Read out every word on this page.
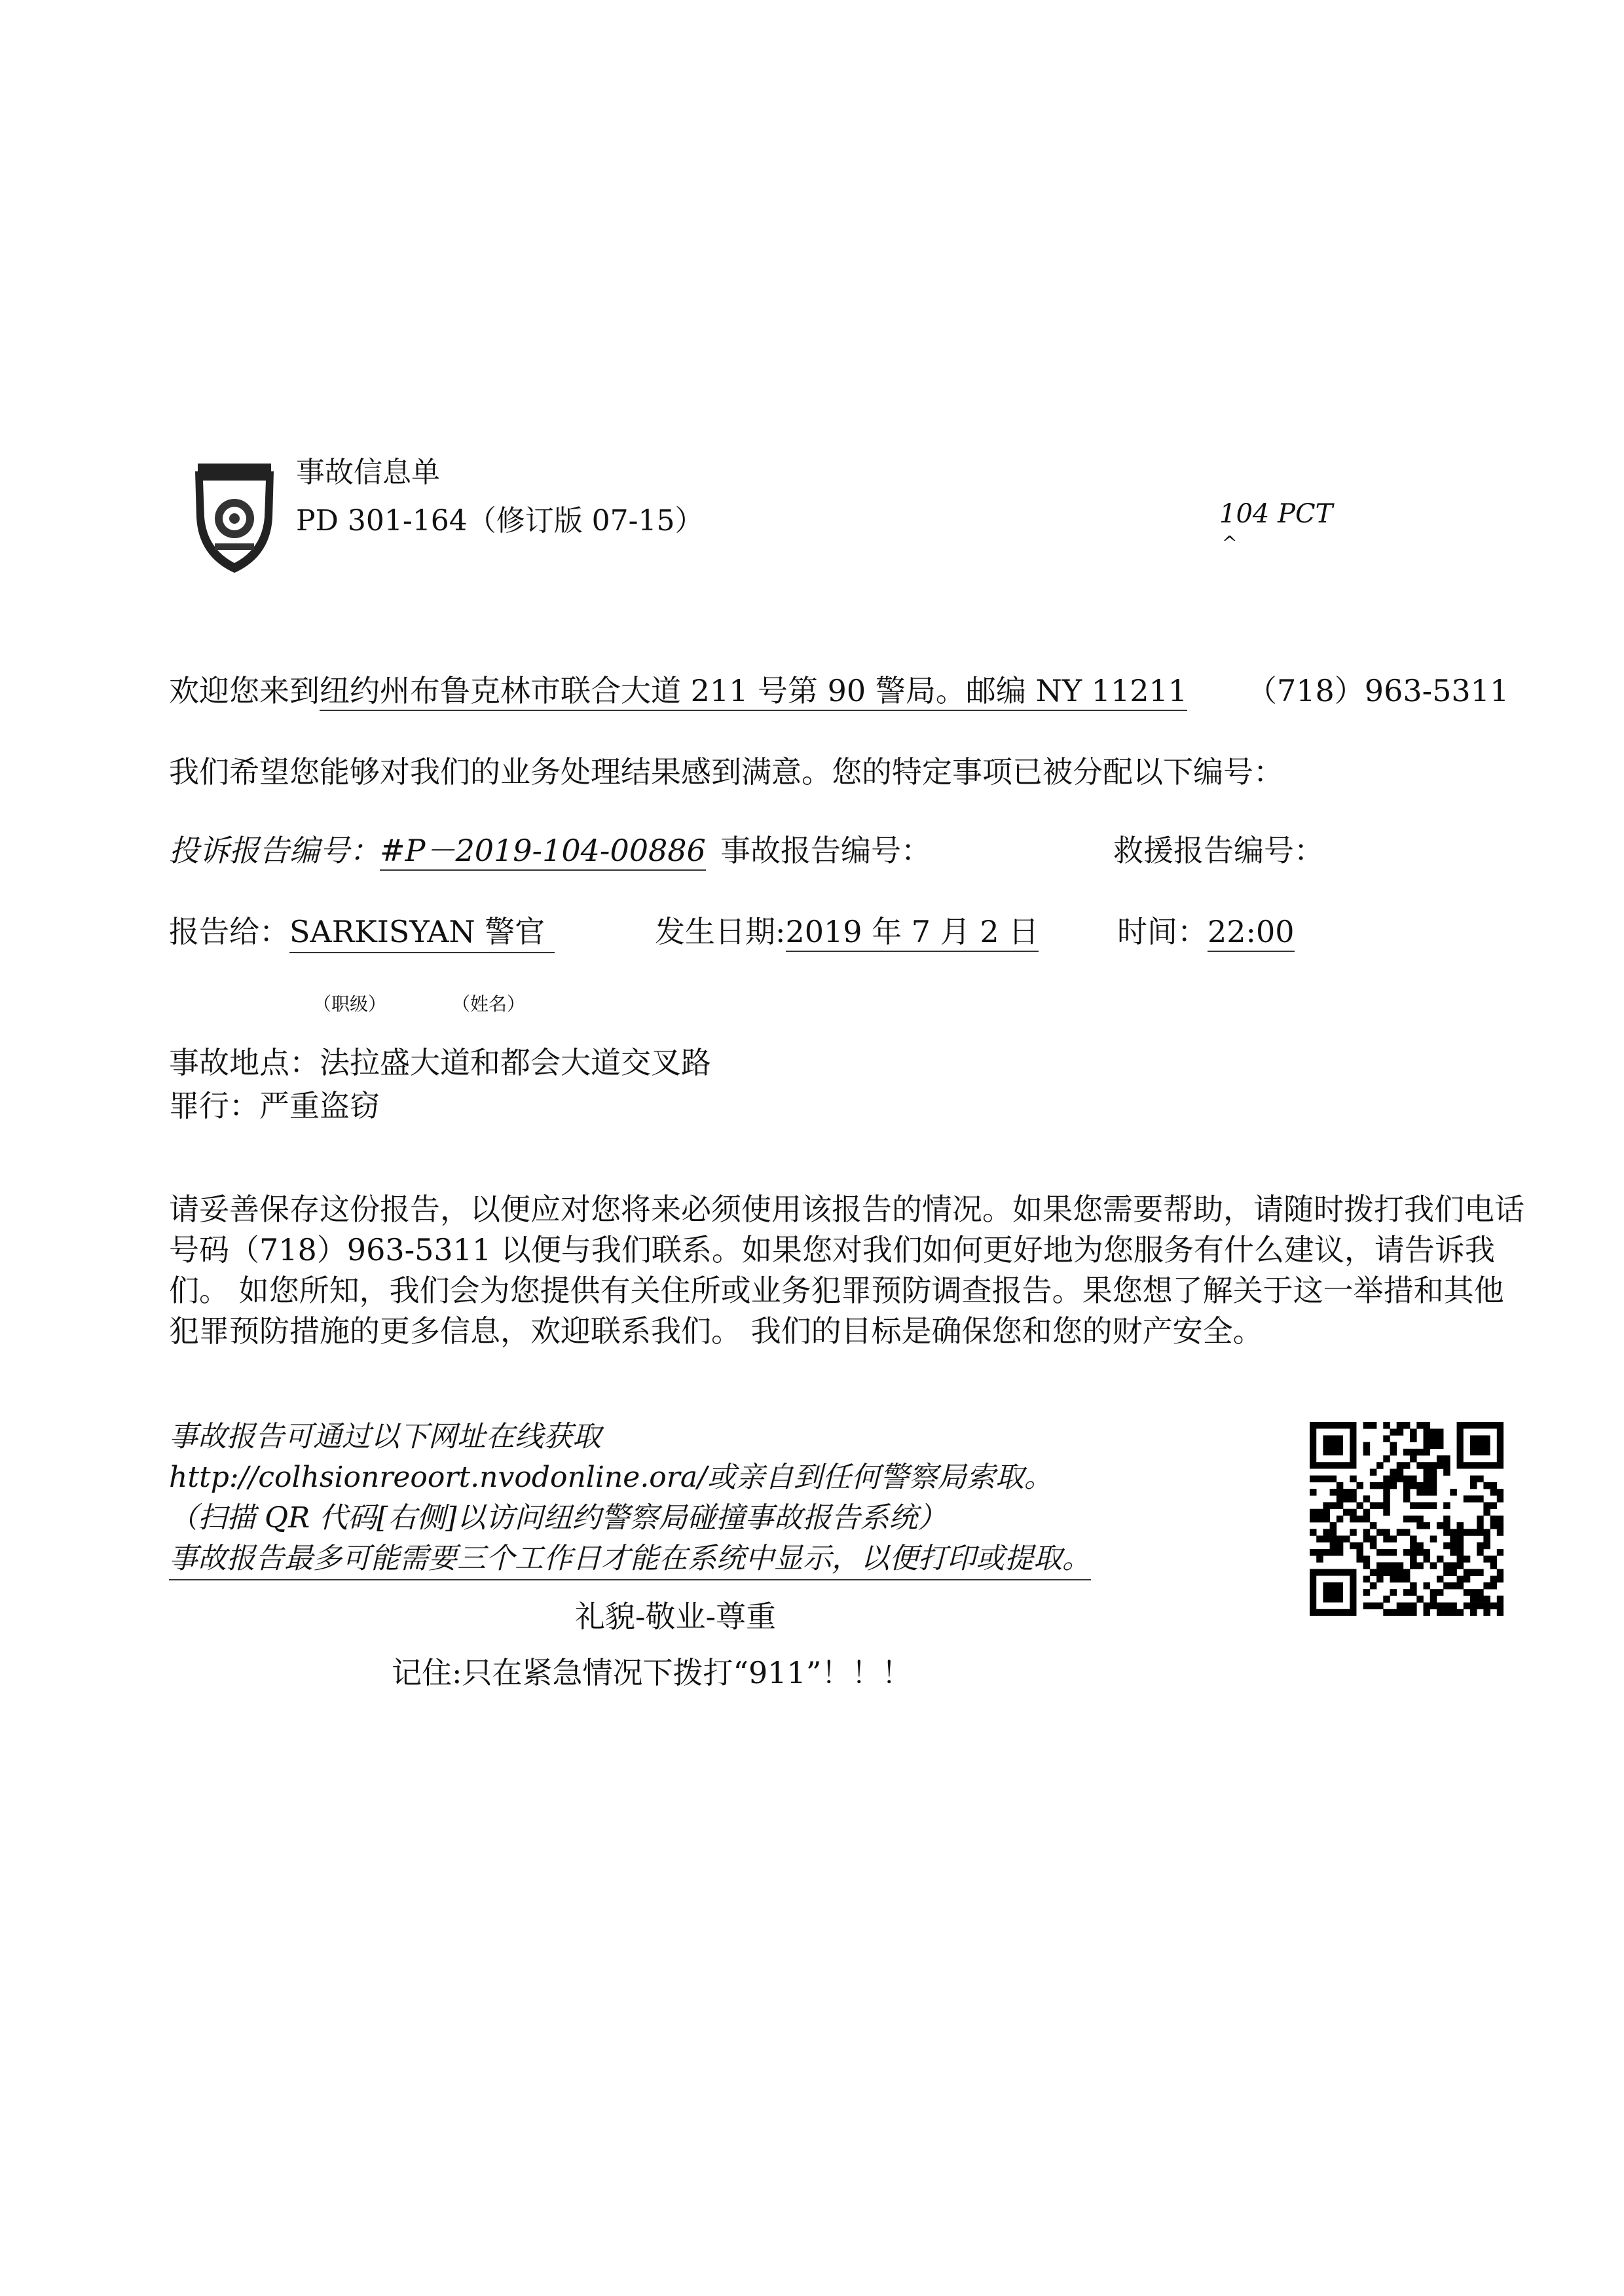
事故信息单
PD 301-164（修订版 07-15）	104 PCT
^
欢迎您来到纽约州布鲁克林市联合大道 211 号第 90 警局。邮编 NY 11211 （718）963-5311
我们希望您能够对我们的业务处理结果感到满意。您的特定事项已被分配以下编号：
投诉报告编号：#P－2019-104-00886 事故报告编号：	救援报告编号：
报告给：SARKISYAN 警官	发生日期:2019 年 7 月 2 日	时间：22:00
（职级）	（姓名）
事故地点：法拉盛大道和都会大道交叉路
罪行：严重盗窃
请妥善保存这份报告，以便应对您将来必须使用该报告的情况。如果您需要帮助，请随时拨打我们电话号码（718）963-5311 以便与我们联系。如果您对我们如何更好地为您服务有什么建议，请告诉我们。 如您所知，我们会为您提供有关住所或业务犯罪预防调查报告。果您想了解关于这一举措和其他犯罪预防措施的更多信息，欢迎联系我们。 我们的目标是确保您和您的财产安全。
事故报告可通过以下网址在线获取
http://colhsionreoort.nvodonline.ora/或亲自到任何警察局索取。
（扫描 QR 代码[右侧]以访问纽约警察局碰撞事故报告系统）
事故报告最多可能需要三个工作日才能在系统中显示，以便打印或提取。
礼貌-敬业-尊重
记住:只在紧急情况下拨打“911”！！！
